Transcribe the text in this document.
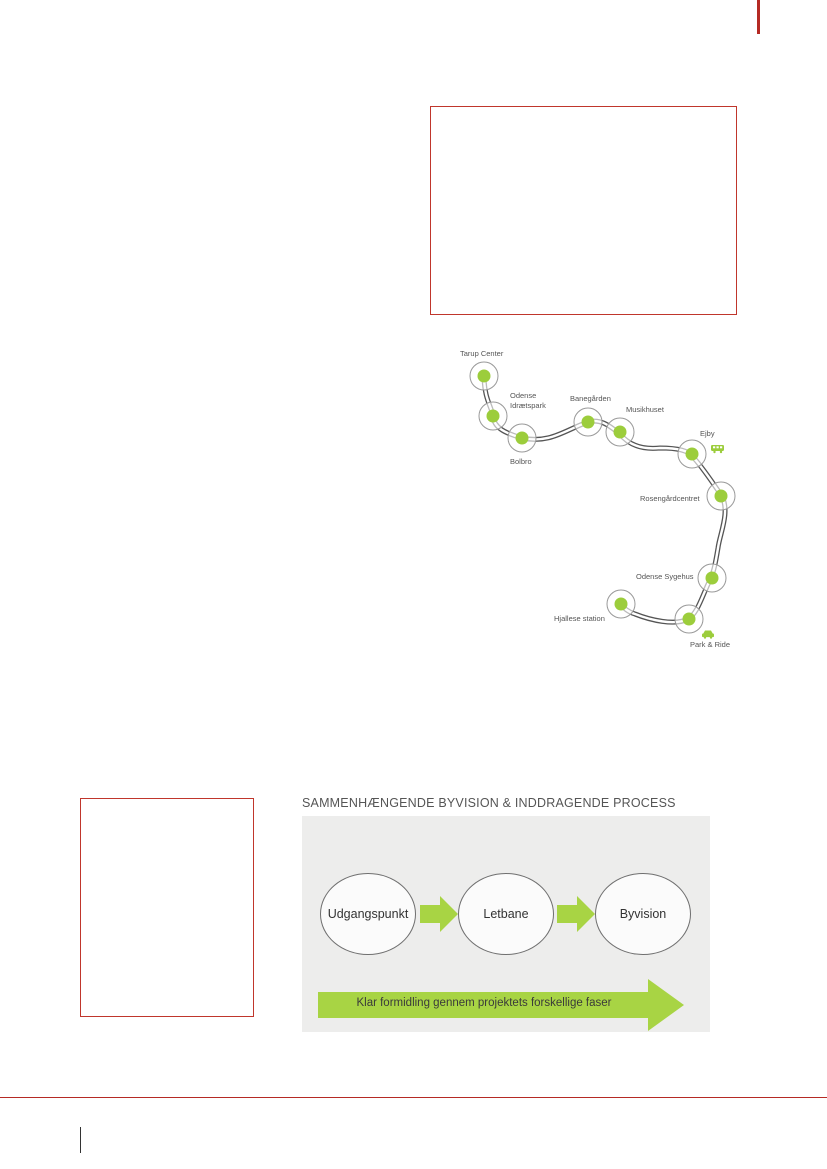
Tarup Center
Odense
Idrætspark
Bolbro
Banegården
Musikhuset
Ejby
Rosengårdcentret
Odense Sygehus
Hjallese station
Park & Ride
SAMMENHÆNGENDE BYVISION & INDDRAGENDE PROCESS
Udgangspunkt	Letbane	Byvision
Klar formidling gennem projektets forskellige faser
